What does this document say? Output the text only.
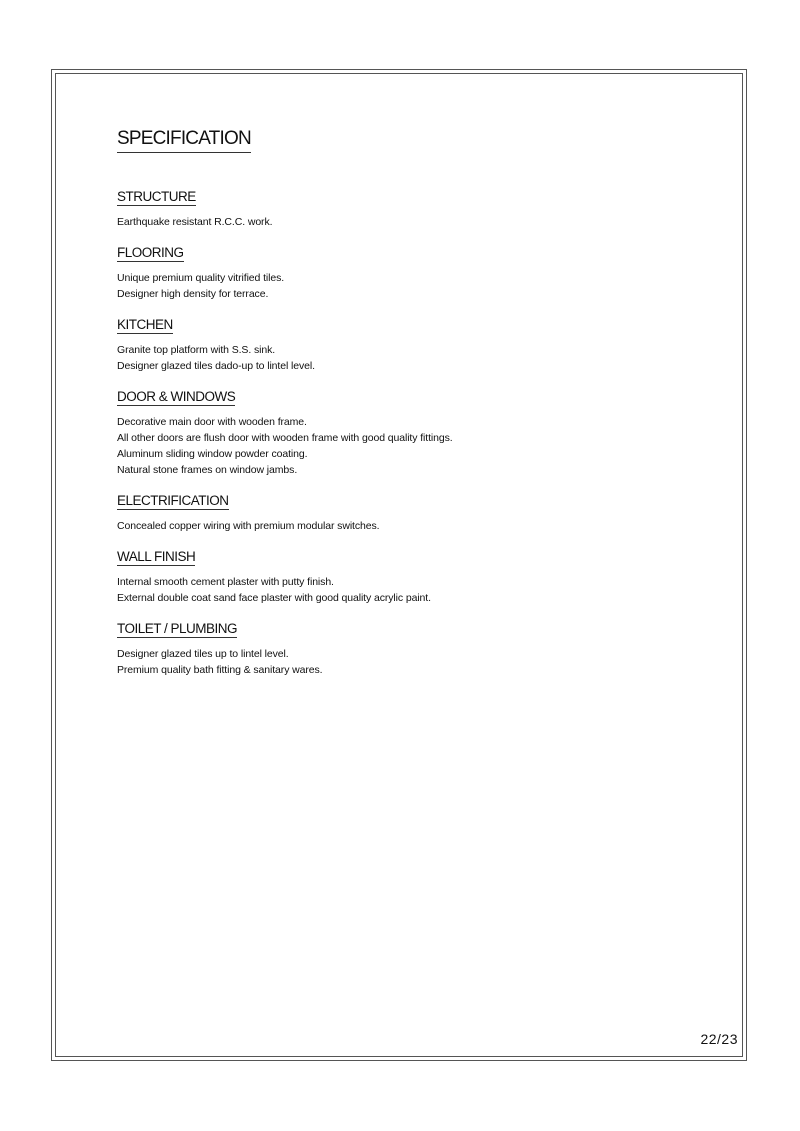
SPECIFICATION
STRUCTURE
Earthquake resistant R.C.C. work.
FLOORING
Unique premium quality vitrified tiles.
Designer high density for terrace.
KITCHEN
Granite top platform with S.S. sink.
Designer glazed tiles dado-up to lintel level.
DOOR & WINDOWS
Decorative main door with wooden frame.
All other doors are flush door with wooden frame with good quality fittings.
Aluminum sliding window powder coating.
Natural stone frames on window jambs.
ELECTRIFICATION
Concealed copper wiring with premium modular switches.
WALL FINISH
Internal smooth cement plaster with putty finish.
External double coat sand face plaster with good quality acrylic paint.
TOILET / PLUMBING
Designer glazed tiles up to lintel level.
Premium quality bath fitting & sanitary wares.
22/23
